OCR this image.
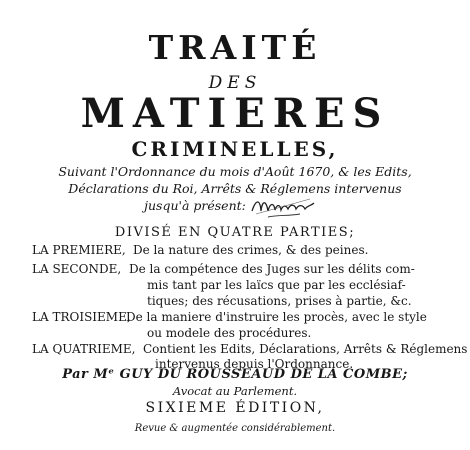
TRAITÉ
DES
MATIERES
CRIMINELLES,
Suivant l'Ordonnance du mois d'Août 1670, & les Edits,
Déclarations du Roi, Arrêts & Réglemens intervenus
jusqu'à présent:
DIVISÉ EN QUATRE PARTIES;
LA PREMIERE, De la nature des crimes, & des peines.
LA SECONDE, De la compétence des Juges sur les délits com-
mis tant par les laïcs que par les ecclésiaf-
tiques; des récusations, prises à partie, &c.
LA TROISIEME,
De la maniere d'instruire les procès, avec le style
ou modele des procédures.
LA QUATRIEME, Contient les Edits, Déclarations, Arrêts & Réglemens
intervenus depuis l'Ordonnance.
Par Mᵉ GUY DU ROUSSEAUD DE LA COMBE;
Avocat au Parlement.
SIXIEME ÉDITION,
Revue & augmentée considérablement.
